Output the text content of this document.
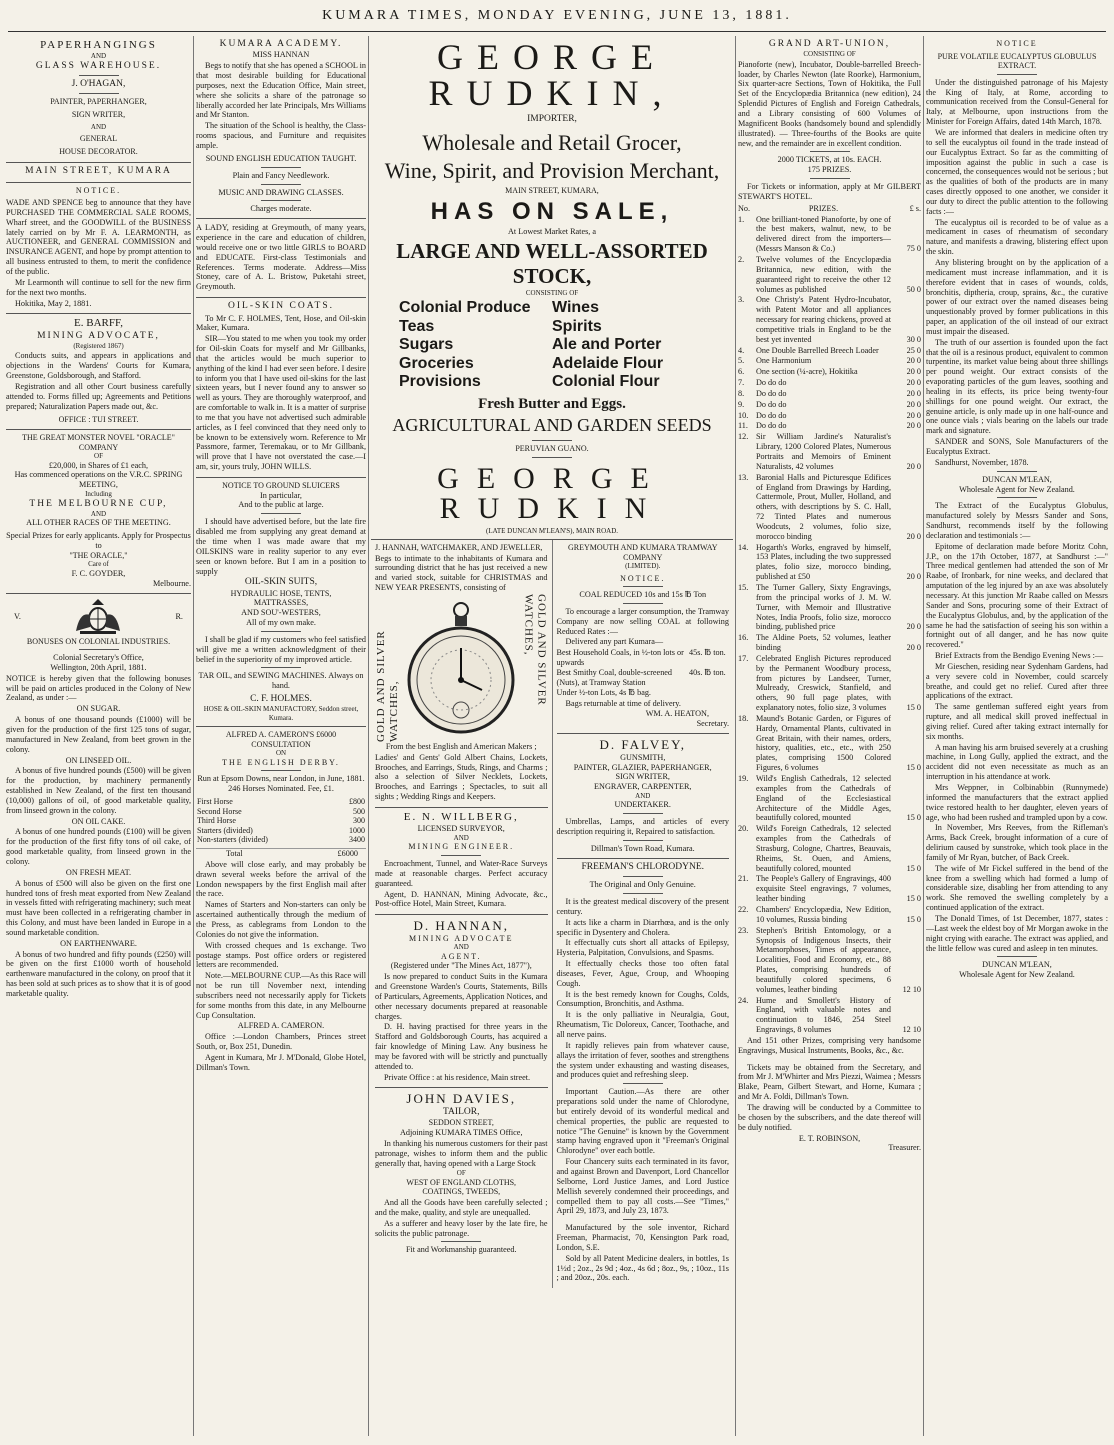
KUMARA TIMES, MONDAY EVENING, JUNE 13, 1881.
PAPERHANGINGS
AND
GLASS WAREHOUSE.
J. O'HAGAN,
PAINTER, PAPERHANGER,
SIGN WRITER,
AND
GENERAL
HOUSE DECORATOR.
MAIN STREET, KUMARA
NOTICE.

WADE AND SPENCE beg to announce that they have PURCHASED THE COMMERCIAL SALE ROOMS, Wharf street, and the GOODWILL of the BUSINESS lately carried on by Mr F. A. LEARMONTH, as AUCTIONEER, and GENERAL COMMISSION and INSURANCE AGENT, and hope by prompt attention to all business entrusted to them, to merit the confidence of the public.

Mr Learmonth will continue to sell for the new firm for the next two months.

Hokitika, May 2, 1881.

E. BARFF,
MINING ADVOCATE,
(Registered 1867)

Conducts suits, and appears in applications and objections in the Wardens' Courts for Kumara, Greenstone, Goldsborough, and Stafford.

Registration and all other Court business carefully attended to. Forms filled up; Agreements and Petitions prepared; Naturalization Papers made out, &c.

OFFICE : TUI STREET.
THE GREAT MONSTER NOVEL "ORACLE" COMPANY
OF
£20,000, in Shares of £1 each,
Has commenced operations on the V.R.C. SPRING MEETING,
Including
THE MELBOURNE CUP,
AND
ALL OTHER RACES OF THE MEETING.
Special Prizes for early applicants. Apply for Prospectus to
"THE ORACLE,"
Care of
F. C. GOYDER,
Melbourne.
V.	R.
BONUSES ON COLONIAL INDUSTRIES.
Colonial Secretary's Office,
Wellington, 20th April, 1881.

NOTICE is hereby given that the following bonuses will be paid on articles produced in the Colony of New Zealand, as under :—

ON SUGAR.

A bonus of one thousand pounds (£1000) will be given for the production of the first 125 tons of sugar, manufactured in New Zealand, from beet grown in the colony.

ON LINSEED OIL.

A bonus of five hundred pounds (£500) will be given for the production, by machinery permanently established in New Zealand, of the first ten thousand (10,000) gallons of oil, of good marketable quality, from linseed grown in the colony.

ON OIL CAKE.

A bonus of one hundred pounds (£100) will be given for the production of the first fifty tons of oil cake, of good marketable quality, from linseed grown in the colony.

ON FRESH MEAT.

A bonus of £500 will also be given on the first one hundred tons of fresh meat exported from New Zealand in vessels fitted with refrigerating machinery; such meat must have been collected in a refrigerating chamber in this Colony, and must have been landed in Europe in a sound marketable condition.

ON EARTHENWARE.

A bonus of two hundred and fifty pounds (£250) will be given on the first £1000 worth of household earthenware manufactured in the colony, on proof that it has been sold at such prices as to show that it is of good marketable quality.

KUMARA ACADEMY.
MISS HANNAN

Begs to notify that she has opened a SCHOOL in that most desirable building for Educational purposes, next the Education Office, Main street, where she solicits a share of the patronage so liberally accorded her late Principals, Mrs Williams and Mr Stanton.

The situation of the School is healthy, the Class-rooms spacious, and Furniture and requisites ample.

SOUND ENGLISH EDUCATION TAUGHT.
Plain and Fancy Needlework.
MUSIC AND DRAWING CLASSES.
Charges moderate.

A LADY, residing at Greymouth, of many years, experience in the care and education of children, would receive one or two little GIRLS to BOARD and EDUCATE. First-class Testimonials and References. Terms moderate. Address—Miss Stoney, care of A. L. Bristow, Puketahi street, Greymouth.

OIL-SKIN COATS.

To Mr C. F. HOLMES, Tent, Hose, and Oil-skin Maker, Kumara.

SIR—You stated to me when you took my order for Oil-skin Coats for myself and Mr Gillbanks, that the articles would be much superior to anything of the kind I had ever seen before. I desire to inform you that I have used oil-skins for the last sixteen years, but I never found any to answer so well as yours. They are thoroughly waterproof, and are comfortable to walk in. It is a matter of surprise to me that you have not advertised such admirable articles, as I feel convinced that they need only to be known to be extensively worn. Reference to Mr Passmore, farmer, Teremakau, or to Mr Gillbank, will prove that I have not overstated the case.—I am, sir, yours truly, JOHN WILLS.

NOTICE TO GROUND SLUICERS
In particular,
And to the public at large.

I should have advertised before, but the late fire disabled me from supplying any great demand at the time when I was made aware that my OILSKINS ware in reality superior to any ever seen or known before. But I am in a position to supply

OIL-SKIN SUITS,
HYDRAULIC HOSE, TENTS,
MATTRASSES,
AND SOU'-WESTERS,
All of my own make.

I shall be glad if my customers who feel satisfied will give me a written acknowledgment of their belief in the superiority of my improved article.

TAR OIL, and SEWING MACHINES. Always on hand.
C. F. HOLMES.
HOSE & OIL-SKIN MANUFACTORY, Seddon street, Kumara.
ALFRED A. CAMERON'S £6000 CONSULTATION
ON
THE ENGLISH DERBY.
Run at Epsom Downs, near London, in June, 1881.
246 Horses Nominated. Fee, £1.
First Horse	£800
Second Horse	500
Third Horse	300
Starters (divided)	1000
Non-starters (divided)	3400
Total	£6000

Above will close early, and may probably be drawn several weeks before the arrival of the London newspapers by the first English mail after the race.

Names of Starters and Non-starters can only be ascertained authentically through the medium of the Press, as cablegrams from London to the Colonies do not give the information.

With crossed cheques and 1s exchange. Two postage stamps. Post office orders or registered letters are recommended.

Note.—MELBOURNE CUP.—As this Race will not be run till November next, intending subscribers need not necessarily apply for Tickets for some months from this date, in any Melbourne Cup Consultation.

ALFRED A. CAMERON.

Office :—London Chambers, Princes street South, or, Box 251, Dunedin.

Agent in Kumara, Mr J. M'Donald, Globe Hotel, Dillman's Town.

GEORGE RUDKIN,
IMPORTER,
Wholesale and Retail Grocer,
Wine, Spirit, and Provision Merchant,
MAIN STREET, KUMARA,
HAS ON SALE,
At Lowest Market Rates, a
LARGE AND WELL-ASSORTED STOCK,
CONSISTING OF
Colonial Produce	Wines
Teas	Spirits
Sugars	Ale and Porter
Groceries	Adelaide Flour
Provisions	Colonial Flour
Fresh Butter and Eggs.
AGRICULTURAL AND GARDEN SEEDS
PERUVIAN GUANO.
GEORGE RUDKIN
(LATE DUNCAN M'LEAN'S), MAIN ROAD.
J. HANNAH, WATCHMAKER, AND JEWELLER,

Begs to intimate to the inhabitants of Kumara and surrounding district that he has just received a new and varied stock, suitable for CHRISTMAS and NEW YEAR PRESENTS, consisting of

GOLD AND SILVER WATCHES,
GOLD AND SILVER WATCHES,
From the best English and American Makers ;

Ladies' and Gents' Gold Albert Chains, Lockets, Brooches, and Earrings, Studs, Rings, and Charms ; also a selection of Silver Necklets, Lockets, Brooches, and Earrings ; Spectacles, to suit all sights ; Wedding Rings and Keepers.

E. N. WILLBERG,
LICENSED SURVEYOR,
AND
MINING ENGINEER.

Encroachment, Tunnel, and Water-Race Surveys made at reasonable charges. Perfect accuracy guaranteed.

Agent, D. HANNAN, Mining Advocate, &c., Post-office Hotel, Main Street, Kumara.

D. HANNAN,
MINING ADVOCATE
AND
AGENT.
(Registered under "The Mines Act, 1877"),

Is now prepared to conduct Suits in the Kumara and Greenstone Warden's Courts, Statements, Bills of Particulars, Agreements, Application Notices, and other necessary documents prepared at reasonable charges.

D. H. having practised for three years in the Stafford and Goldsborough Courts, has acquired a fair knowledge of Mining Law. Any business he may be favored with will be strictly and punctually attended to.

Private Office : at his residence, Main street.

JOHN DAVIES,
TAILOR,
SEDDON STREET,
Adjoining KUMARA TIMES Office,

In thanking his numerous customers for their past patronage, wishes to inform them and the public generally that, having opened with a Large Stock

OF
WEST OF ENGLAND CLOTHS,
COATINGS, TWEEDS,

And all the Goods have been carefully selected ; and the make, quality, and style are unequalled.

As a sufferer and heavy loser by the late fire, he solicits the public patronage.

Fit and Workmanship guaranteed.
GREYMOUTH AND KUMARA TRAMWAY COMPANY
(LIMITED).
NOTICE.
COAL REDUCED 10s and 15s ℔ Ton

To encourage a larger consumption, the Tramway Company are now selling COAL at following Reduced Rates :—

Delivered any part Kumara—

Best Household Coals, in ½-ton lots or upwards
45s. ℔ ton.
Best Smithy Coal, double-screened (Nuts), at Tramway Station
40s. ℔ ton.
Under ½-ton Lots, 4s ℔ bag.

Bags returnable at time of delivery.

WM. A. HEATON,
Secretary.
D. FALVEY,
GUNSMITH,
PAINTER, GLAZIER, PAPERHANGER,
SIGN WRITER,
ENGRAVER, CARPENTER,
AND
UNDERTAKER.

Umbrellas, Lamps, and articles of every description requiring it, Repaired to satisfaction.

Dillman's Town Road, Kumara.
FREEMAN'S CHLORODYNE.
The Original and Only Genuine.

It is the greatest medical discovery of the present century.

It acts like a charm in Diarrhœa, and is the only specific in Dysentery and Cholera.

It effectually cuts short all attacks of Epilepsy, Hysteria, Palpitation, Convulsions, and Spasms.

It effectually checks those too often fatal diseases, Fever, Ague, Croup, and Whooping Cough.

It is the best remedy known for Coughs, Colds, Consumption, Bronchitis, and Asthma.

It is the only palliative in Neuralgia, Gout, Rheumatism, Tic Doloreux, Cancer, Toothache, and all nerve pains.

It rapidly relieves pain from whatever cause, allays the irritation of fever, soothes and strengthens the system under exhausting and wasting diseases, and produces quiet and refreshing sleep.

Important Caution.—As there are other preparations sold under the name of Chlorodyne, but entirely devoid of its wonderful medical and chemical properties, the public are requested to notice "The Genuine" is known by the Government stamp having engraved upon it "Freeman's Original Chlorodyne" over each bottle.

Four Chancery suits each terminated in its favor, and against Brown and Davenport, Lord Chancellor Selborne, Lord Justice James, and Lord Justice Mellish severely condemned their proceedings, and compelled them to pay all costs.—See "Times," April 29, 1873, and July 23, 1873.

Manufactured by the sole inventor, Richard Freeman, Pharmacist, 70, Kensington Park road, London, S.E.

Sold by all Patent Medicine dealers, in bottles, 1s 1½d ; 2oz., 2s 9d ; 4oz., 4s 6d ; 8oz., 9s, ; 10oz., 11s ; and 20oz., 20s. each.

GRAND ART-UNION,
CONSISTING OF

Pianoforte (new), Incubator, Double-barrelled Breech-loader, by Charles Newton (late Roorke), Harmonium, Six quarter-acre Sections, Town of Hokitika, the Full Set of the Encyclopædia Britannica (new edition), 24 Splendid Pictures of English and Foreign Cathedrals, and a Library consisting of 600 Volumes of Magnificent Books (handsomely bound and splendidly illustrated). — Three-fourths of the Books are quite new, and the remainder are in excellent condition.

2000 TICKETS, at 10s. EACH.
175 PRIZES.

For Tickets or information, apply at Mr GILBERT STEWART'S HOTEL.

No.	PRIZES.	£ s.
1.	One brilliant-toned Pianoforte, by one of the best makers, walnut, new, to be delivered direct from the importers—(Messrs Manson & Co.)	75 0
2.	Twelve volumes of the Encyclopædia Britannica, new edition, with the guaranteed right to receive the other 12 volumes as published	50 0
3.	One Christy's Patent Hydro-Incubator, with Patent Motor and all appliances necessary for rearing chickens, proved at competitive trials in England to be the best yet invented	30 0
4.	One Double Barrelled Breech Loader	25 0
5.	One Harmonium	20 0
6.	One section (¼-acre), Hokitika	20 0
7.	Do do do	20 0
8.	Do do do	20 0
9.	Do do do	20 0
10. Do do do	20 0
11. Do do do	20 0
12. Sir William Jardine's Naturalist's Library, 1200 Colored Plates, Numerous Portraits and Memoirs of Eminent Naturalists, 42 volumes	20 0
13. Baronial Halls and Picturesque Edifices of England from Drawings by Harding, Cattermole, Prout, Muller, Holland, and others, with descriptions by S. C. Hall, 72 Tinted Plates and numerous Woodcuts, 2 volumes, folio size, morocco binding	20 0
14. Hogarth's Works, engraved by himself, 153 Plates, including the two suppressed plates, folio size, morocco binding, published at £50	20 0
15. The Turner Gallery, Sixty Engravings, from the principal works of J. M. W. Turner, with Memoir and Illustrative Notes, India Proofs, folio size, morocco binding, published price	20 0
16. The Aldine Poets, 52 volumes, leather binding	20 0
17. Celebrated English Pictures reproduced by the Permanent Woodbury process, from pictures by Landseer, Turner, Mulready, Creswick, Stanfield, and others, 90 full page plates, with explanatory notes, folio size, 3 volumes	15 0
18. Maund's Botanic Garden, or Figures of Hardy, Ornamental Plants, cultivated in Great Britain, with their names, orders, history, qualities, etc., etc., with 250 plates, comprising 1500 Colored Figures, 6 volumes	15 0
19. Wild's English Cathedrals, 12 selected examples from the Cathedrals of England of the Ecclesiastical Architecture of the Middle Ages, beautifully colored, mounted	15 0
20. Wild's Foreign Cathedrals, 12 selected examples from the Cathedrals of Strasburg, Cologne, Chartres, Beauvais, Rheims, St. Ouen, and Amiens, beautifully colored, mounted	15 0
21. The People's Gallery of Engravings, 400 exquisite Steel engravings, 7 volumes, leather binding	15 0
22. Chambers' Encyclopædia, New Edition, 10 volumes, Russia binding	15 0
23. Stephen's British Entomology, or a Synopsis of Indigenous Insects, their Metamorphoses, Times of appearance, Localities, Food and Economy, etc., 88 Plates, comprising hundreds of beautifully colored specimens, 6 volumes, leather binding	12 10
24. Hume and Smollett's History of England, with valuable notes and continuation to 1846, 254 Steel Engravings, 8 volumes	12 10

And 151 other Prizes, comprising very handsome Engravings, Musical Instruments, Books, &c., &c.

Tickets may be obtained from the Secretary, and from Mr J. M'Whirter and Mrs Piezzi, Waimea ; Messrs Blake, Pearn, Gilbert Stewart, and Horne, Kumara ; and Mr A. Foldi, Dillman's Town.

The drawing will be conducted by a Committee to be chosen by the subscribers, and the date thereof will be duly notified.

E. T. ROBINSON,
Treasurer.
NOTICE
PURE VOLATILE EUCALYPTUS GLOBULUS EXTRACT.

Under the distinguished patronage of his Majesty the King of Italy, at Rome, according to communication received from the Consul-General for Italy, at Melbourne, upon instructions from the Minister for Foreign Affairs, dated 14th March, 1878.

We are informed that dealers in medicine often try to sell the eucalyptus oil found in the trade instead of our Eucalyptus Extract. So far as the committing of imposition against the public in such a case is concerned, the consequences would not be serious ; but as the qualities of both of the products are in many cases directly opposed to one another, we consider it our duty to direct the public attention to the following facts :—

The eucalyptus oil is recorded to be of value as a medicament in cases of rheumatism of secondary nature, and manifests a drawing, blistering effect upon the skin.

Any blistering brought on by the application of a medicament must increase inflammation, and it is therefore evident that in cases of wounds, colds, bronchitis, diptheria, croup, sprains, &c., the curative power of our extract over the named diseases being unquestionably proved by former publications in this paper, an application of the oil instead of our extract must impair the diseased.

The truth of our assertion is founded upon the fact that the oil is a resinous product, equivalent to common turpentine, its market value being about three shillings per pound weight. Our extract consists of the evaporating particles of the gum leaves, soothing and healing in its effects, its price being twenty-four shillings for one pound weight. Our extract, the genuine article, is only made up in one half-ounce and one ounce vials ; vials bearing on the labels our trade mark and signature.

SANDER and SONS, Sole Manufacturers of the Eucalyptus Extract.

Sandhurst, November, 1878.

DUNCAN M'LEAN,
Wholesale Agent for New Zealand.

The Extract of the Eucalyptus Globulus, manufactured solely by Messrs Sander and Sons, Sandhurst, recommends itself by the following declaration and testimonials :—

Epitome of declaration made before Moritz Cohn, J.P., on the 17th October, 1877, at Sandhurst :—" Three medical gentlemen had attended the son of Mr Raabe, of Ironbark, for nine weeks, and declared that amputation of the leg injured by an axe was absolutely necessary. At this junction Mr Raabe called on Messrs Sander and Sons, procuring some of their Extract of the Eucalyptus Globulus, and, by the application of the same he had the satisfaction of seeing his son within a fortnight out of all danger, and he has now quite recovered."

Brief Extracts from the Bendigo Evening News :—

Mr Gieschen, residing near Sydenham Gardens, had a very severe cold in November, could scarcely breathe, and could get no relief. Cured after three applications of the extract.

The same gentleman suffered eight years from rupture, and all medical skill proved ineffectual in giving relief. Cured after taking extract internally for six months.

A man having his arm bruised severely at a crushing machine, in Long Gully, applied the extract, and the accident did not even necessitate as much as an interruption in his attendance at work.

Mrs Weppner, in Colbinabbin (Runnymede) informed the manufacturers that the extract applied twice restored health to her daughter, eleven years of age, who had been rushed and trampled upon by a cow.

In November, Mrs Reeves, from the Rifleman's Arms, Back Creek, brought information of a cure of delirium caused by sunstroke, which took place in the family of Mr Ryan, butcher, of Back Creek.

The wife of Mr Fickel suffered in the bend of the knee from a swelling which had formed a lump of considerable size, disabling her from attending to any work. She removed the swelling completely by a continued application of the extract.

The Donald Times, of 1st December, 1877, states :—Last week the eldest boy of Mr Morgan awoke in the night crying with earache. The extract was applied, and the little fellow was cured and asleep in ten minutes.

DUNCAN M'LEAN,
Wholesale Agent for New Zealand.
